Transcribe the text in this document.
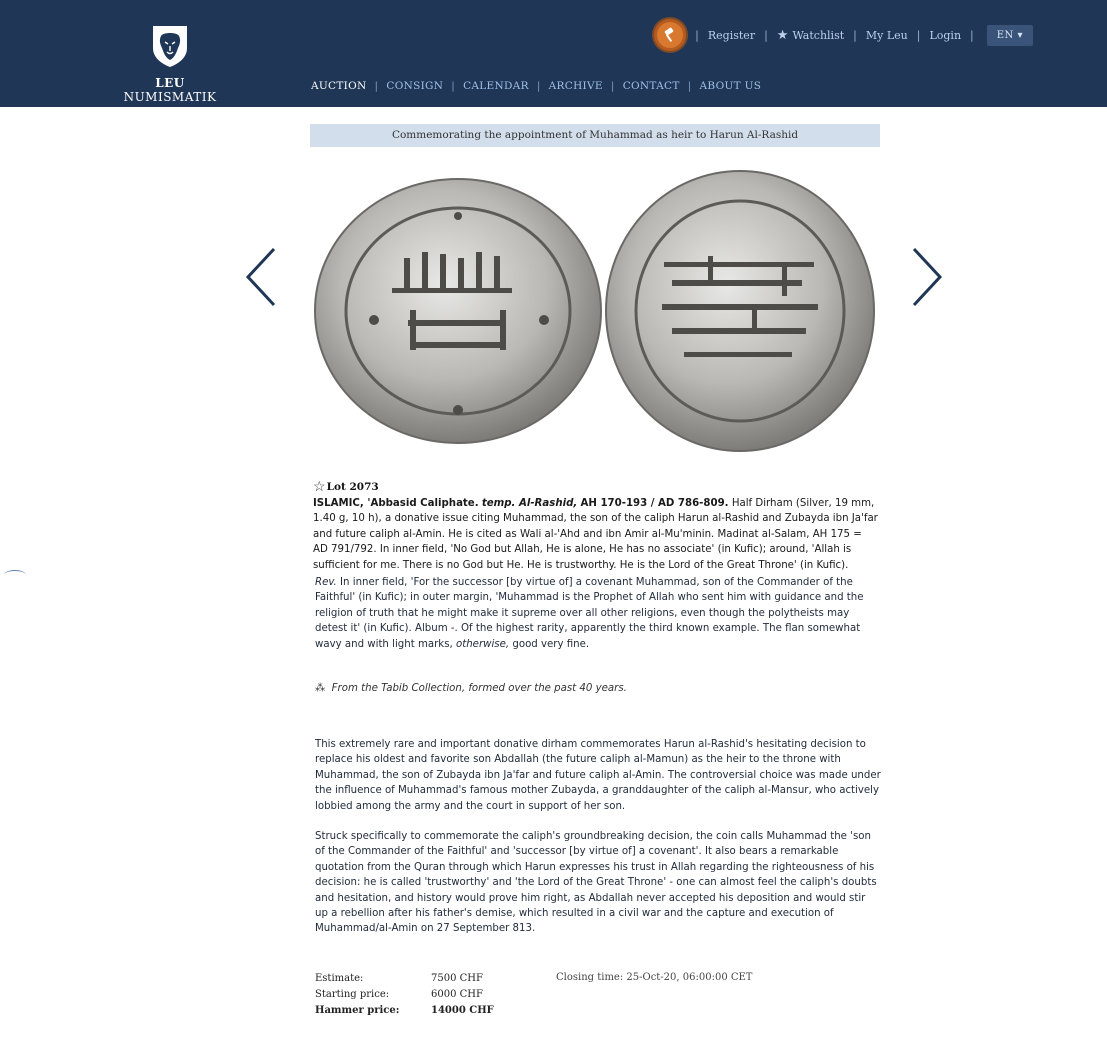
LEU NUMISMATIK
| Register | ★ Watchlist | My Leu | Login |	EN ▾
AUCTION | CONSIGN | CALENDAR | ARCHIVE | CONTACT | ABOUT US
Commemorating the appointment of Muhammad as heir to Harun Al-Rashid
☆ Lot 2073
ISLAMIC, 'Abbasid Caliphate. temp. Al-Rashid, AH 170-193 / AD 786-809. Half Dirham (Silver, 19 mm, 1.40 g, 10 h), a donative issue citing Muhammad, the son of the caliph Harun al-Rashid and Zubayda ibn Ja'far and future caliph al-Amin. He is cited as Wali al-'Ahd and ibn Amir al-Mu'minin. Madinat al-Salam, AH 175 = AD 791/792. In inner field, 'No God but Allah, He is alone, He has no associate' (in Kufic); around, 'Allah is sufficient for me. There is no God but He. He is trustworthy. He is the Lord of the Great Throne' (in Kufic).
Rev. In inner field, 'For the successor [by virtue of] a covenant Muhammad, son of the Commander of the Faithful' (in Kufic); in outer margin, 'Muhammad is the Prophet of Allah who sent him with guidance and the religion of truth that he might make it supreme over all other religions, even though the polytheists may detest it' (in Kufic). Album -. Of the highest rarity, apparently the third known example. The flan somewhat wavy and with light marks, otherwise, good very fine.
⁂ From the Tabib Collection, formed over the past 40 years.
This extremely rare and important donative dirham commemorates Harun al-Rashid's hesitating decision to replace his oldest and favorite son Abdallah (the future caliph al-Mamun) as the heir to the throne with Muhammad, the son of Zubayda ibn Ja'far and future caliph al-Amin. The controversial choice was made under the influence of Muhammad's famous mother Zubayda, a granddaughter of the caliph al-Mansur, who actively lobbied among the army and the court in support of her son.
Struck specifically to commemorate the caliph's groundbreaking decision, the coin calls Muhammad the 'son of the Commander of the Faithful' and 'successor [by virtue of] a covenant'. It also bears a remarkable quotation from the Quran through which Harun expresses his trust in Allah regarding the righteousness of his decision: he is called 'trustworthy' and 'the Lord of the Great Throne' - one can almost feel the caliph's doubts and hesitation, and history would prove him right, as Abdallah never accepted his deposition and would stir up a rebellion after his father's demise, which resulted in a civil war and the capture and execution of Muhammad/al-Amin on 27 September 813.
Estimate:	7500 CHF
Starting price:	6000 CHF
Hammer price:	14000 CHF
Closing time: 25-Oct-20, 06:00:00 CET
